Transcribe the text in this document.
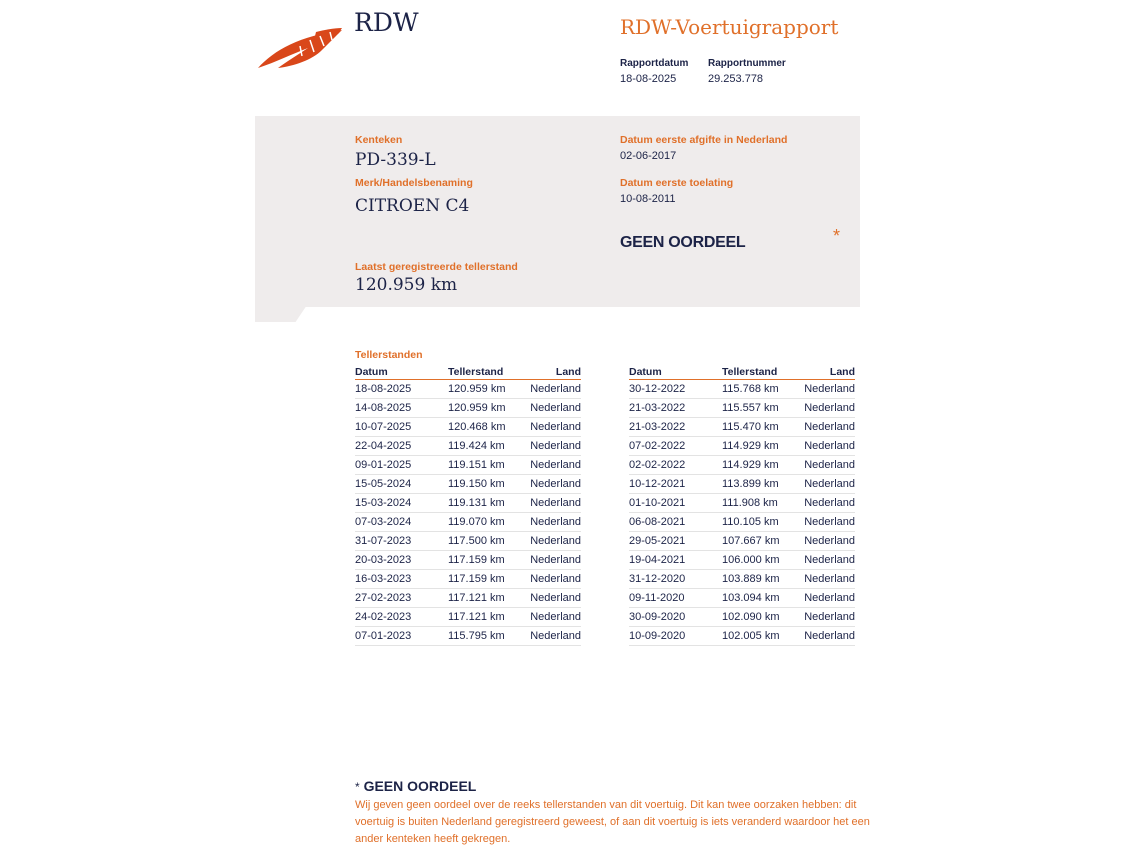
RDW	RDW-Voertuigrapport
Rapportdatum
18-08-2025
Rapportnummer
29.253.778
Kenteken
PD-339-L
Merk/Handelsbenaming
CITROEN C4
Laatst geregistreerde tellerstand
120.959 km
Datum eerste afgifte in Nederland
02-06-2017
Datum eerste toelating
10-08-2011
GEEN OORDEEL	*
Tellerstanden
Datum	Tellerstand	Land
18-08-2025	120.959 km	Nederland
14-08-2025	120.959 km	Nederland
10-07-2025	120.468 km	Nederland
22-04-2025	119.424 km	Nederland
09-01-2025	119.151 km	Nederland
15-05-2024	119.150 km	Nederland
15-03-2024	119.131 km	Nederland
07-03-2024	119.070 km	Nederland
31-07-2023	117.500 km	Nederland
20-03-2023	117.159 km	Nederland
16-03-2023	117.159 km	Nederland
27-02-2023	117.121 km	Nederland
24-02-2023	117.121 km	Nederland
07-01-2023	115.795 km	Nederland
Datum	Tellerstand	Land
30-12-2022	115.768 km	Nederland
21-03-2022	115.557 km	Nederland
21-03-2022	115.470 km	Nederland
07-02-2022	114.929 km	Nederland
02-02-2022	114.929 km	Nederland
10-12-2021	113.899 km	Nederland
01-10-2021	111.908 km	Nederland
06-08-2021	110.105 km	Nederland
29-05-2021	107.667 km	Nederland
19-04-2021	106.000 km	Nederland
31-12-2020	103.889 km	Nederland
09-11-2020	103.094 km	Nederland
30-09-2020	102.090 km	Nederland
10-09-2020	102.005 km	Nederland
* GEEN OORDEEL
Wij geven geen oordeel over de reeks tellerstanden van dit voertuig. Dit kan twee oorzaken hebben: dit voertuig is buiten Nederland geregistreerd geweest, of aan dit voertuig is iets veranderd waardoor het een ander kenteken heeft gekregen.
